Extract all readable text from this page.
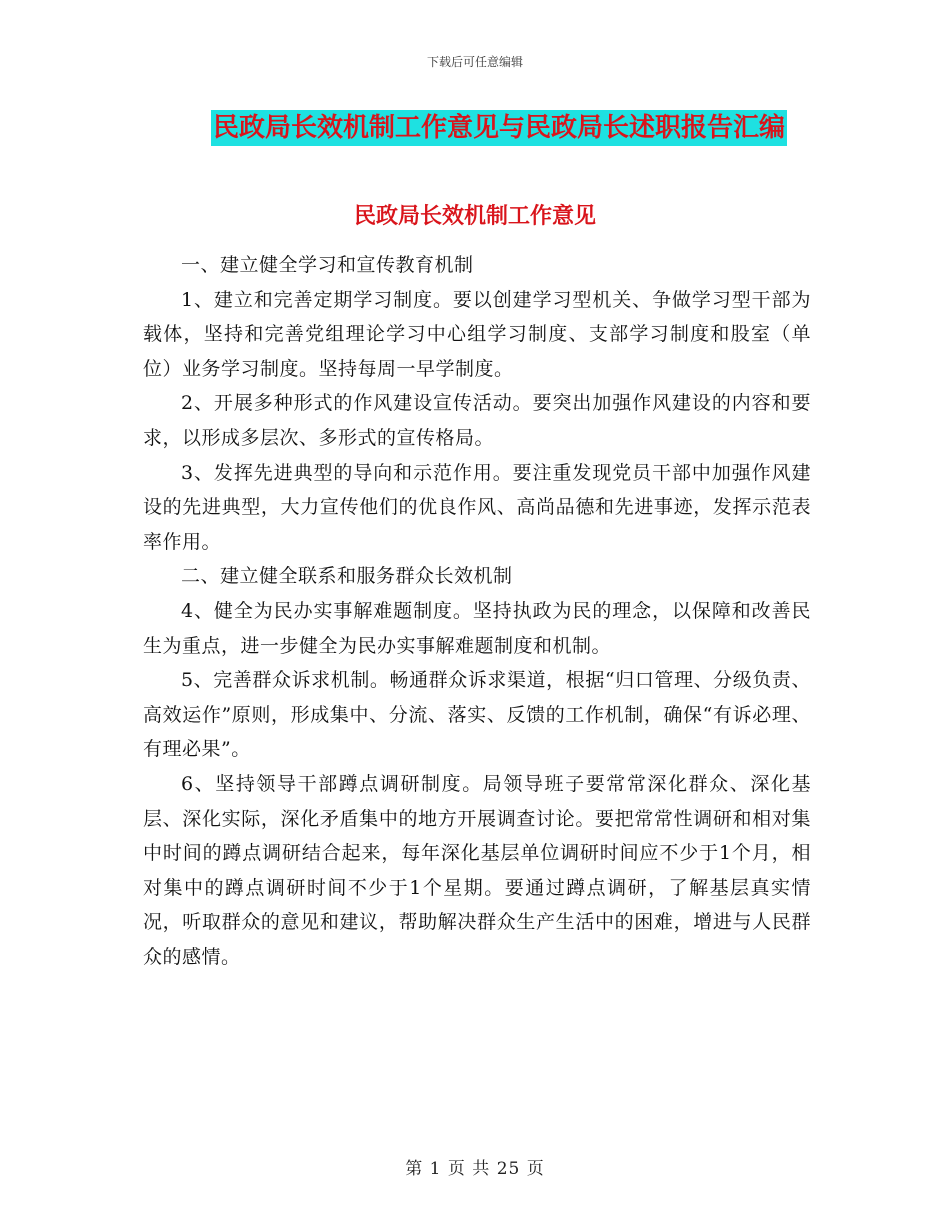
下载后可任意编辑
民政局长效机制工作意见与民政局长述职报告汇编
民政局长效机制工作意见

一、建立健全学习和宣传教育机制

1、建立和完善定期学习制度。要以创建学习型机关、争做学习型干部为载体，坚持和完善党组理论学习中心组学习制度、支部学习制度和股室（单位）业务学习制度。坚持每周一早学制度。

2、开展多种形式的作风建设宣传活动。要突出加强作风建设的内容和要求，以形成多层次、多形式的宣传格局。

3、发挥先进典型的导向和示范作用。要注重发现党员干部中加强作风建设的先进典型，大力宣传他们的优良作风、高尚品德和先进事迹，发挥示范表率作用。

二、建立健全联系和服务群众长效机制

4、健全为民办实事解难题制度。坚持执政为民的理念，以保障和改善民生为重点，进一步健全为民办实事解难题制度和机制。

5、完善群众诉求机制。畅通群众诉求渠道，根据“归口管理、分级负责、高效运作”原则，形成集中、分流、落实、反馈的工作机制，确保“有诉必理、有理必果”。

6、坚持领导干部蹲点调研制度。局领导班子要常常深化群众、深化基层、深化实际，深化矛盾集中的地方开展调查讨论。要把常常性调研和相对集中时间的蹲点调研结合起来，每年深化基层单位调研时间应不少于1个月，相对集中的蹲点调研时间不少于1个星期。要通过蹲点调研，了解基层真实情况，听取群众的意见和建议，帮助解决群众生产生活中的困难，增进与人民群众的感情。

第 1 页 共 25 页
